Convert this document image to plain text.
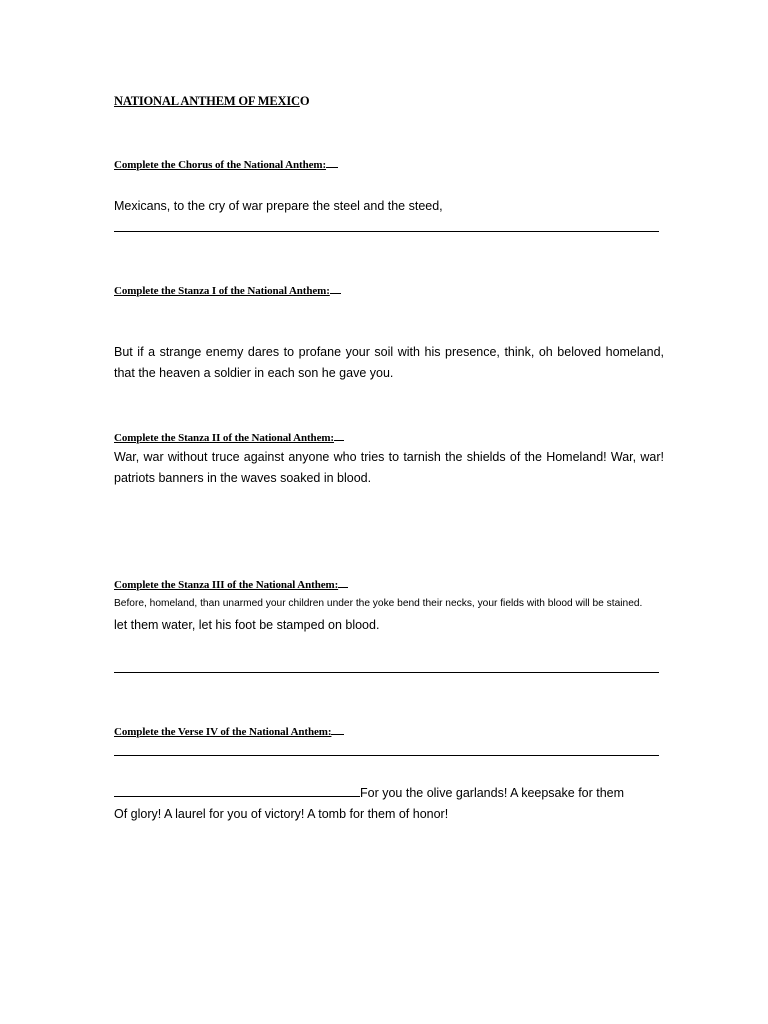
NATIONAL ANTHEM OF MEXICO
Complete the Chorus of the National Anthem:
Mexicans, to the cry of war prepare the steel and the steed,
Complete the Stanza I of the National Anthem:
But if a strange enemy dares to profane your soil with his presence, think, oh beloved homeland, that the heaven a soldier in each son he gave you.
Complete the Stanza II of the National Anthem:
War, war without truce against anyone who tries to tarnish the shields of the Homeland! War, war! patriots banners in the waves soaked in blood.
Complete the Stanza III of the National Anthem:
Before, homeland, than unarmed your children under the yoke bend their necks, your fields with blood will be stained.
let them water, let his foot be stamped on blood.
Complete the Verse IV of the National Anthem:
For you the olive garlands! A keepsake for them
Of glory! A laurel for you of victory! A tomb for them of honor!
